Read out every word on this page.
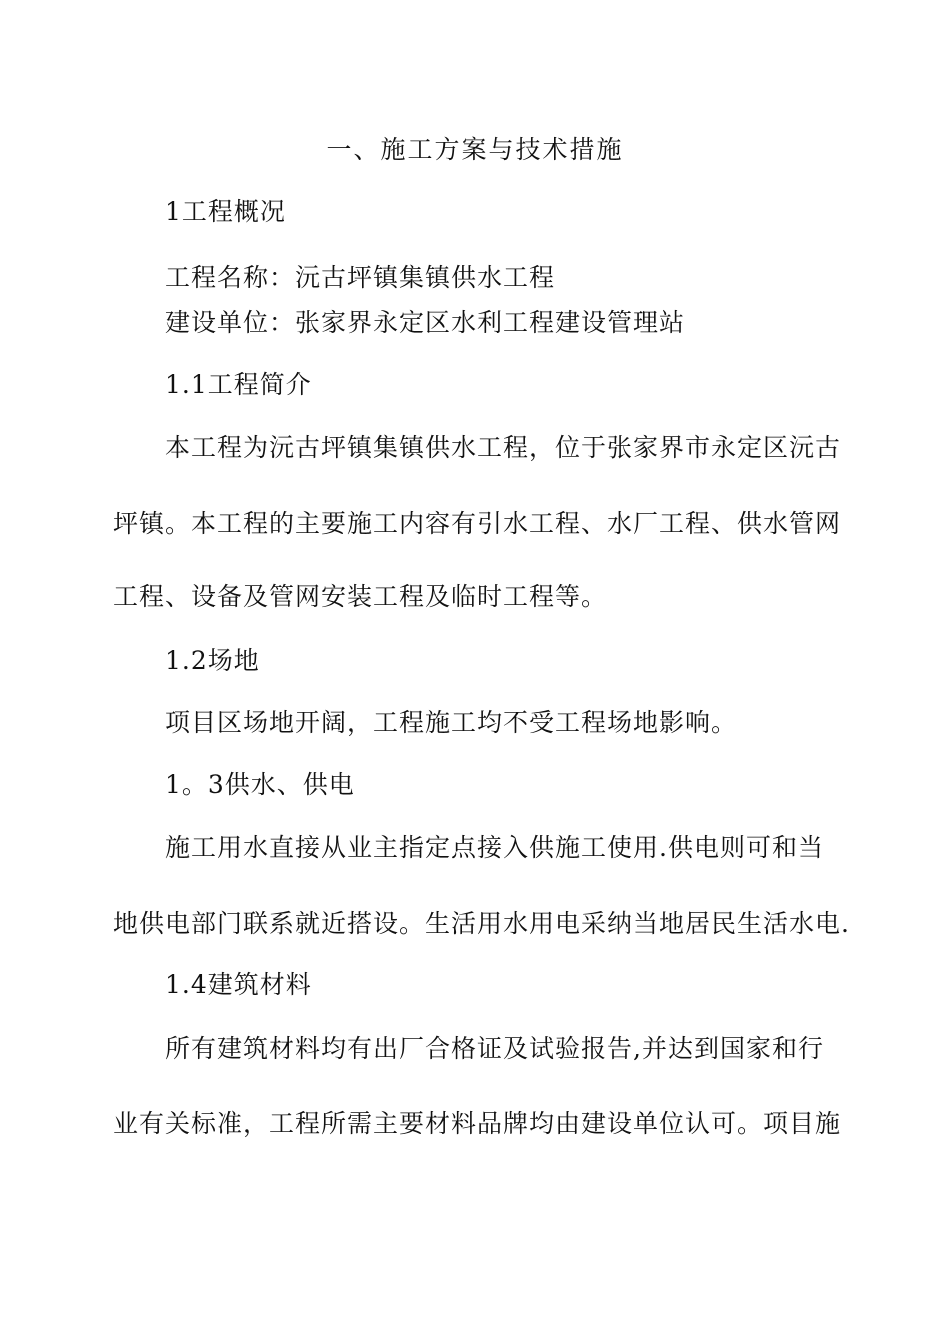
一、施工方案与技术措施
1工程概况
工程名称：沅古坪镇集镇供水工程
建设单位：张家界永定区水利工程建设管理站
1.1工程简介
本工程为沅古坪镇集镇供水工程，位于张家界市永定区沅古
坪镇。本工程的主要施工内容有引水工程、水厂工程、供水管网
工程、设备及管网安装工程及临时工程等。
1.2场地
项目区场地开阔，工程施工均不受工程场地影响。
1。3供水、供电
施工用水直接从业主指定点接入供施工使用.供电则可和当
地供电部门联系就近搭设。生活用水用电采纳当地居民生活水电.
1.4建筑材料
所有建筑材料均有出厂合格证及试验报告,并达到国家和行
业有关标准，工程所需主要材料品牌均由建设单位认可。项目施
